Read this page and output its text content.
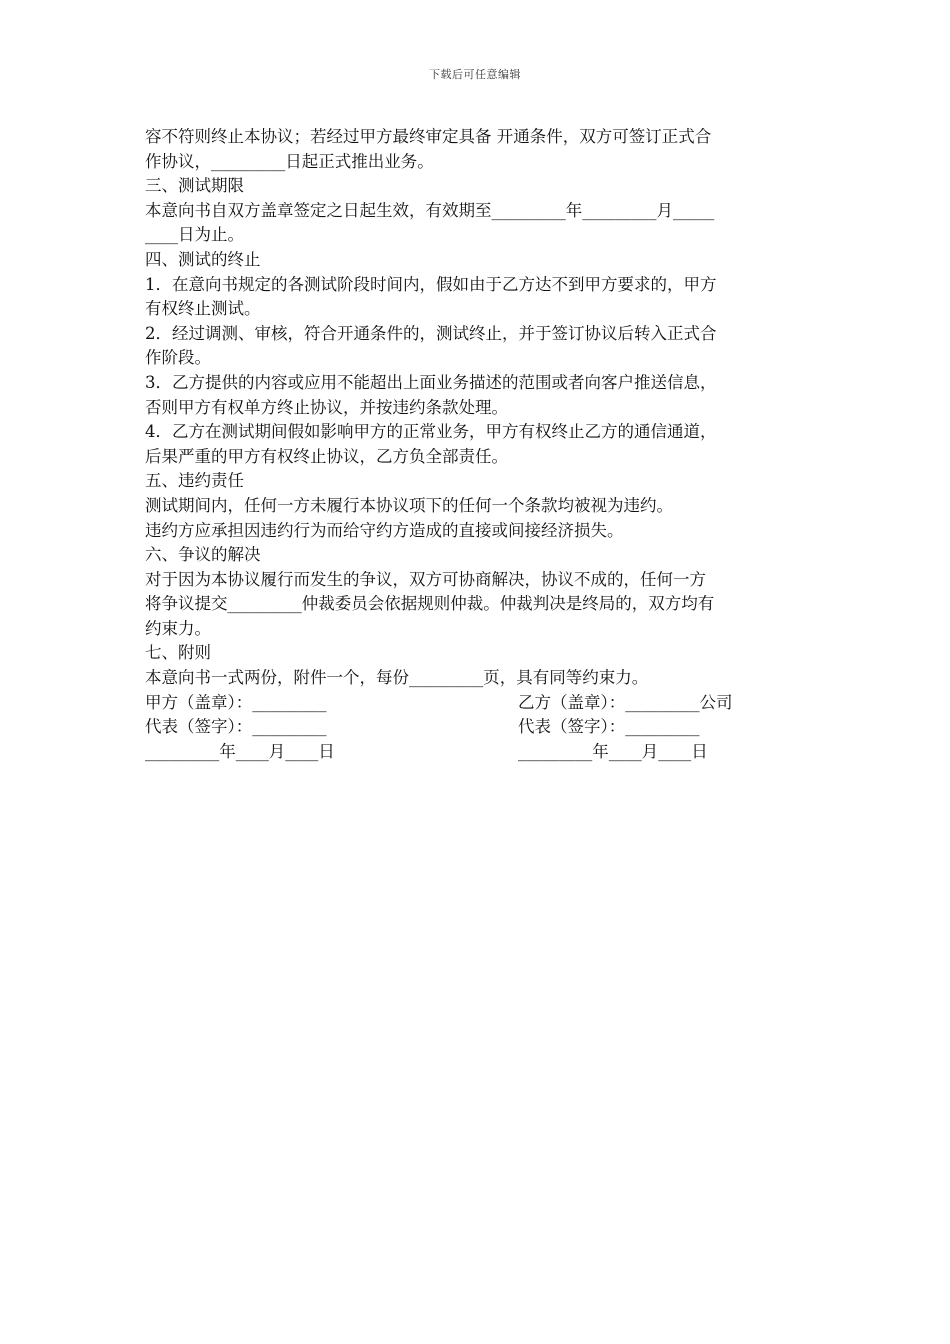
下载后可任意编辑
容不符则终止本协议；若经过甲方最终审定具备 开通条件，双方可签订正式合
作协议，_________日起正式推出业务。
三、测试期限
本意向书自双方盖章签定之日起生效，有效期至_________年_________月_____
____日为止。
四、测试的终止
1．在意向书规定的各测试阶段时间内，假如由于乙方达不到甲方要求的，甲方
有权终止测试。
2．经过调测、审核，符合开通条件的，测试终止，并于签订协议后转入正式合
作阶段。
3．乙方提供的内容或应用不能超出上面业务描述的范围或者向客户推送信息，
否则甲方有权单方终止协议，并按违约条款处理。
4．乙方在测试期间假如影响甲方的正常业务，甲方有权终止乙方的通信通道，
后果严重的甲方有权终止协议，乙方负全部责任。
五、违约责任
测试期间内，任何一方未履行本协议项下的任何一个条款均被视为违约。
违约方应承担因违约行为而给守约方造成的直接或间接经济损失。
六、争议的解决
对于因为本协议履行而发生的争议，双方可协商解决，协议不成的，任何一方
将争议提交_________仲裁委员会依据规则仲裁。仲裁判决是终局的，双方均有
约束力。
七、附则
本意向书一式两份，附件一个，每份_________页，具有同等约束力。
甲方（盖章）：_________	乙方（盖章）：_________公司
代表（签字）：_________	代表（签字）：_________
_________年____月____日	_________年____月____日
